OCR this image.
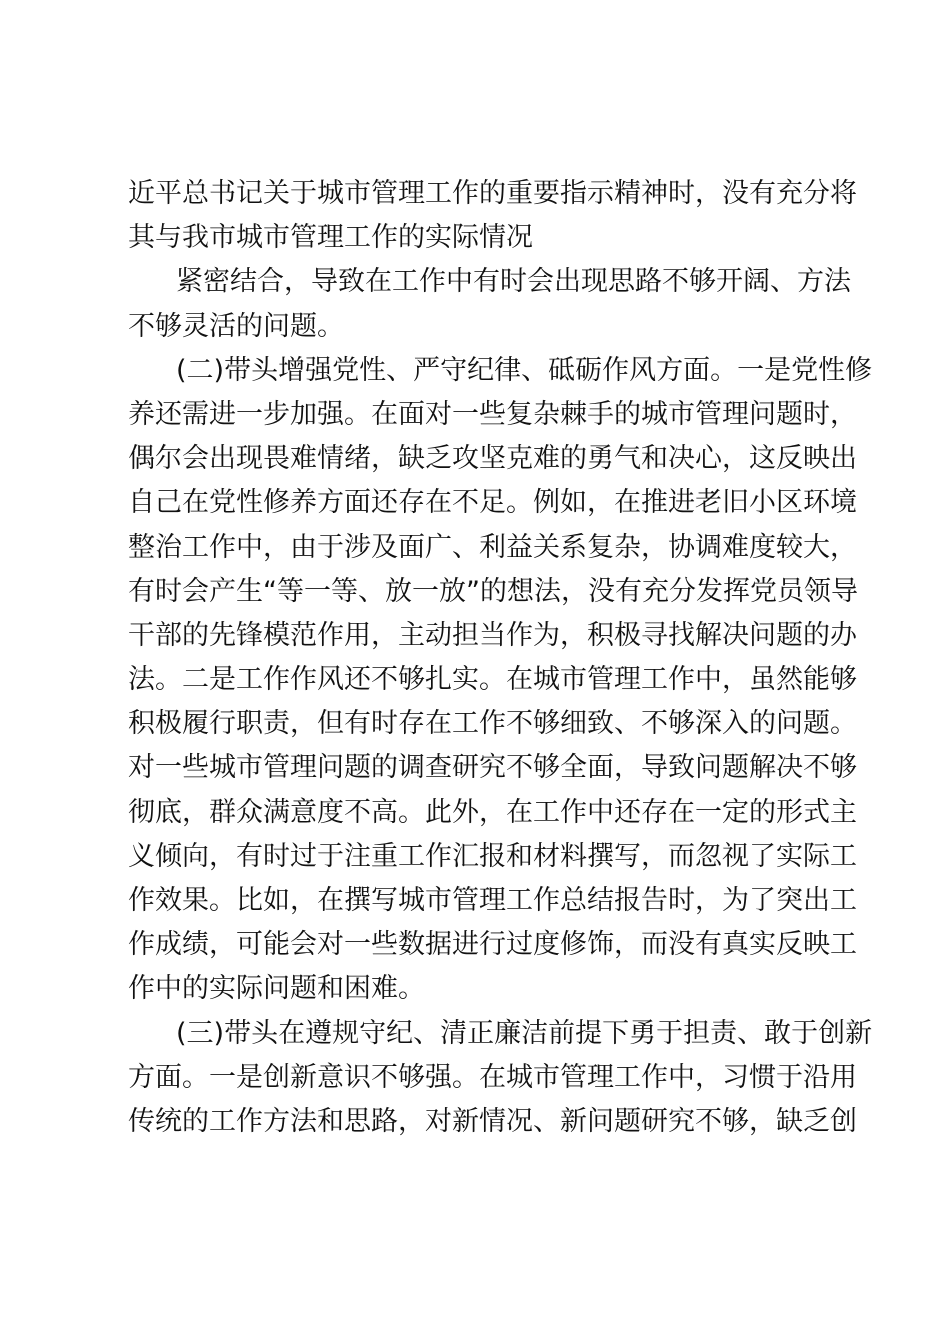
近平总书记关于城市管理工作的重要指示精神时，没有充分将
其与我市城市管理工作的实际情况
紧密结合，导致在工作中有时会出现思路不够开阔、方法
不够灵活的问题。
(二)带头增强党性、严守纪律、砥砺作风方面。一是党性修
养还需进一步加强。在面对一些复杂棘手的城市管理问题时，
偶尔会出现畏难情绪，缺乏攻坚克难的勇气和决心，这反映出
自己在党性修养方面还存在不足。例如，在推进老旧小区环境
整治工作中，由于涉及面广、利益关系复杂，协调难度较大，
有时会产生“等一等、放一放”的想法，没有充分发挥党员领导
干部的先锋模范作用，主动担当作为，积极寻找解决问题的办
法。二是工作作风还不够扎实。在城市管理工作中，虽然能够
积极履行职责，但有时存在工作不够细致、不够深入的问题。
对一些城市管理问题的调查研究不够全面，导致问题解决不够
彻底，群众满意度不高。此外，在工作中还存在一定的形式主
义倾向，有时过于注重工作汇报和材料撰写，而忽视了实际工
作效果。比如，在撰写城市管理工作总结报告时，为了突出工
作成绩，可能会对一些数据进行过度修饰，而没有真实反映工
作中的实际问题和困难。
(三)带头在遵规守纪、清正廉洁前提下勇于担责、敢于创新
方面。一是创新意识不够强。在城市管理工作中，习惯于沿用
传统的工作方法和思路，对新情况、新问题研究不够，缺乏创
